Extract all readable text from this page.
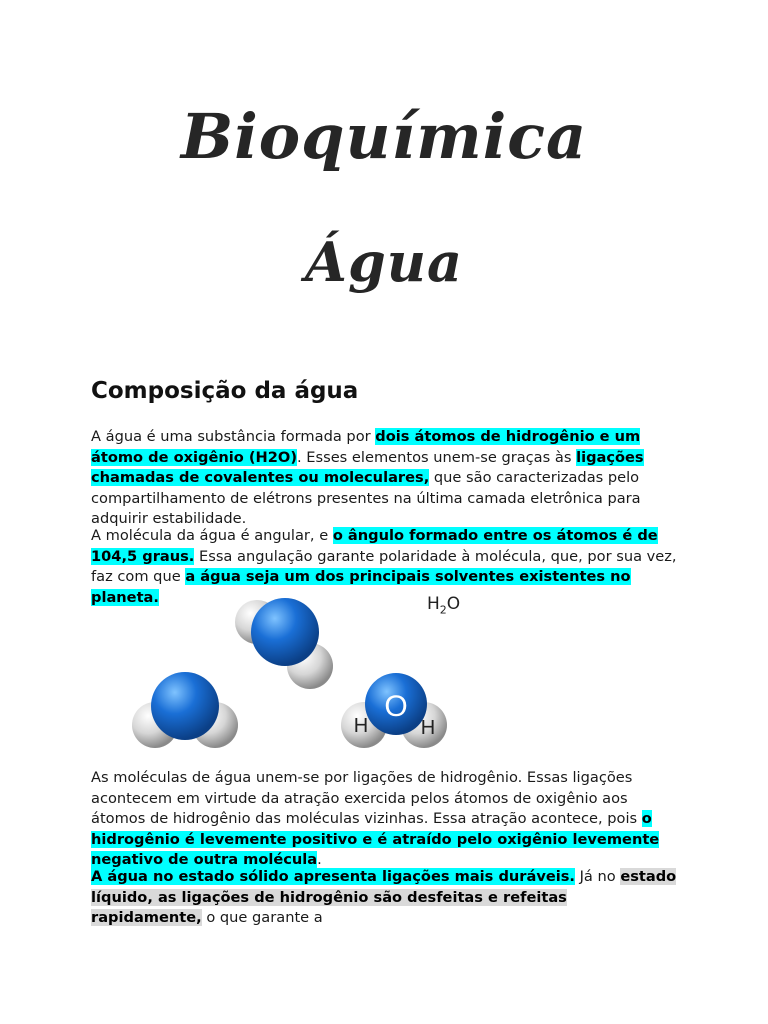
Bioquímica
Água
Composição da água

A água é uma substância formada por dois átomos de hidrogênio e um átomo de oxigênio (H2O). Esses elementos unem-se graças às ligações chamadas de covalentes ou moleculares, que são caracterizadas pelo compartilhamento de elétrons presentes na última camada eletrônica para adquirir estabilidade.

A molécula da água é angular, e o ângulo formado entre os átomos é de 104,5 graus. Essa angulação garante polaridade à molécula, que, por sua vez, faz com que a água seja um dos principais solventes existentes no planeta.	$H_2O$
O
H	H

As moléculas de água unem-se por ligações de hidrogênio. Essas ligações acontecem em virtude da atração exercida pelos átomos de oxigênio aos átomos de hidrogênio das moléculas vizinhas. Essa atração acontece, pois o hidrogênio é levemente positivo e é atraído pelo oxigênio levemente negativo de outra molécula.

A água no estado sólido apresenta ligações mais duráveis. Já no estado líquido, as ligações de hidrogênio são desfeitas e refeitas rapidamente, o que garante a
